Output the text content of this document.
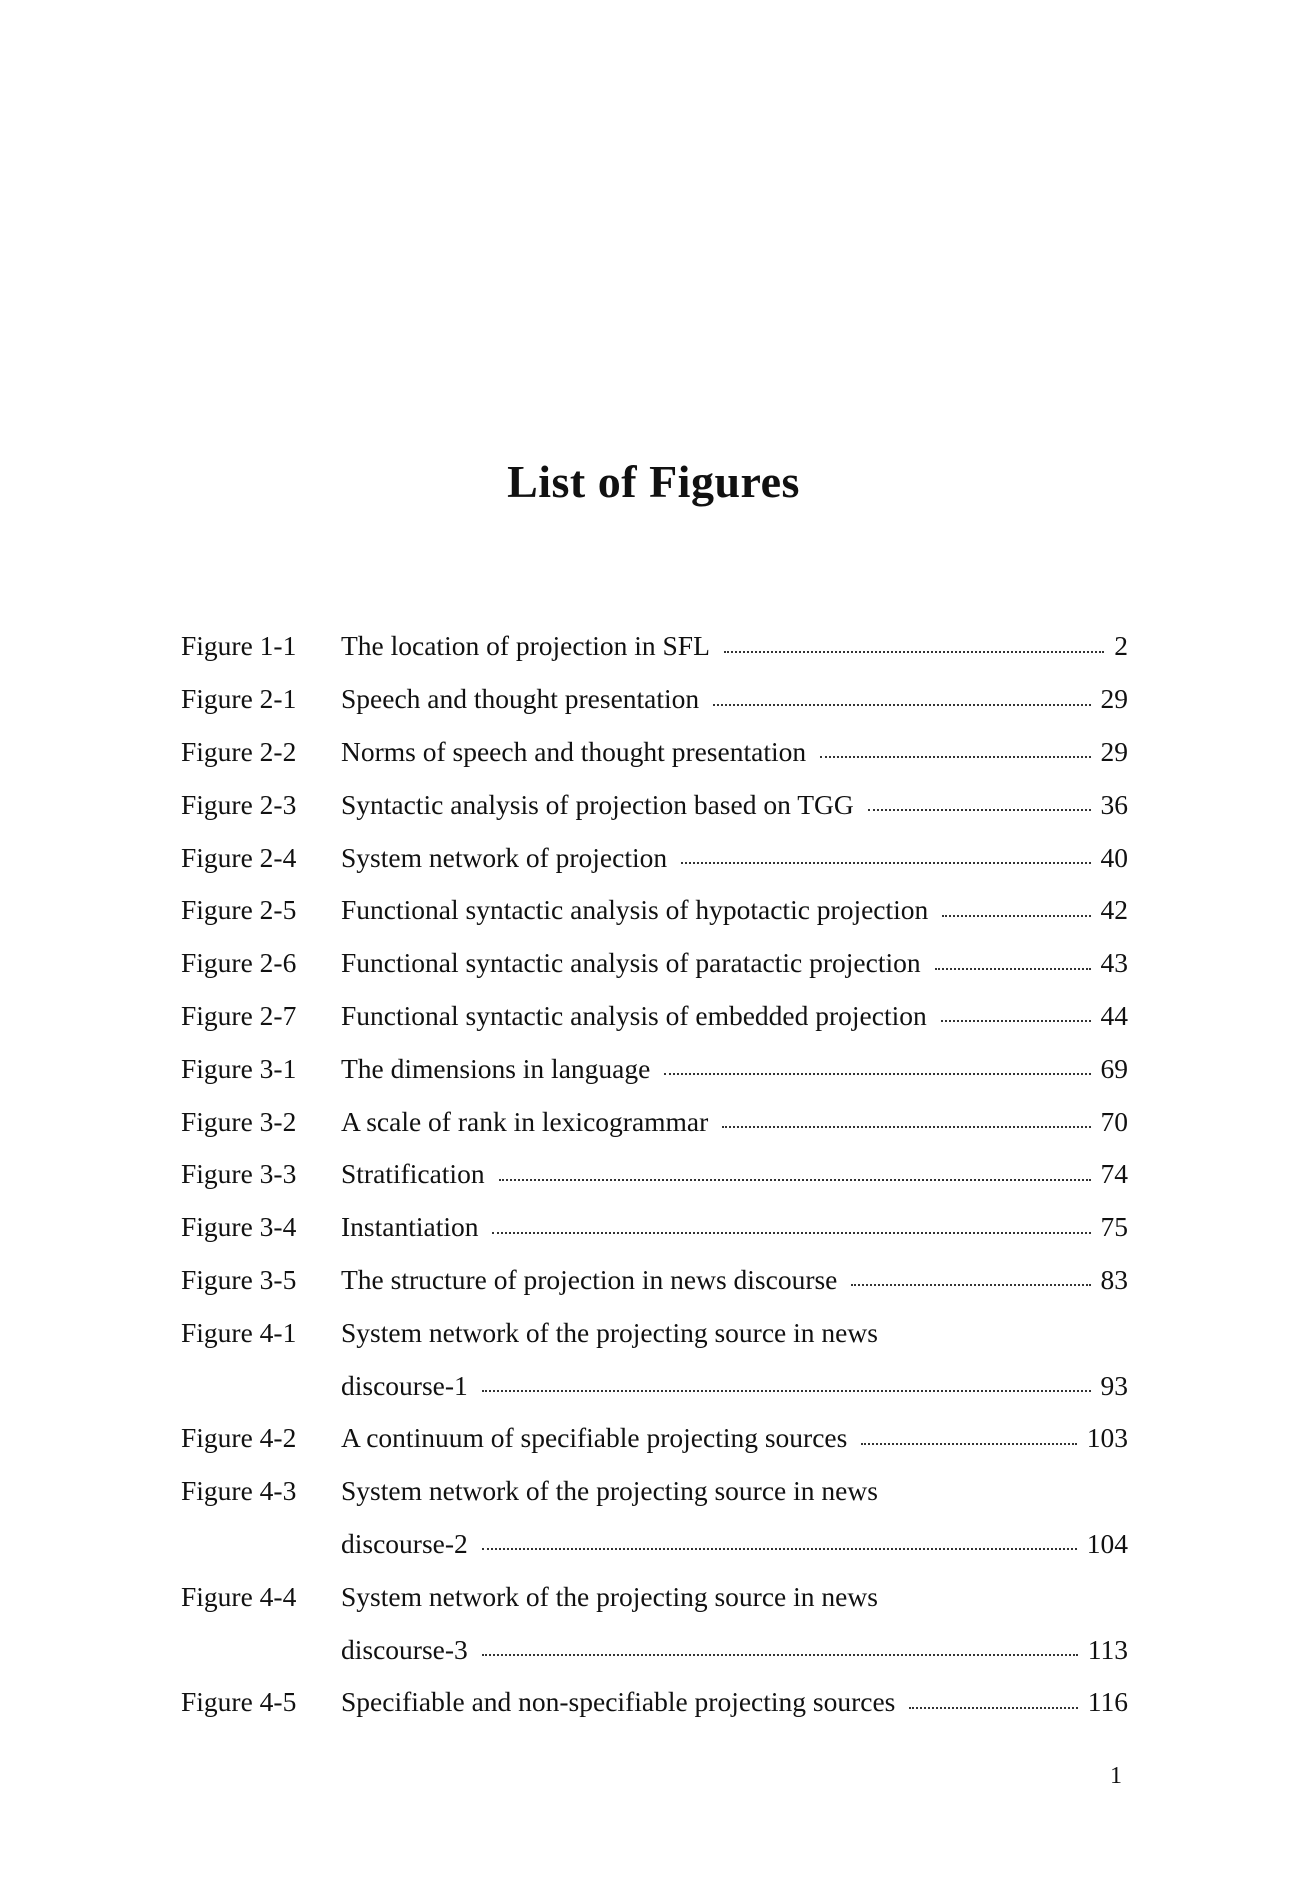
List of Figures
Figure 1-1	The location of projection in SFL	2
Figure 2-1	Speech and thought presentation	29
Figure 2-2	Norms of speech and thought presentation	29
Figure 2-3	Syntactic analysis of projection based on TGG	36
Figure 2-4	System network of projection	40
Figure 2-5	Functional syntactic analysis of hypotactic projection	42
Figure 2-6	Functional syntactic analysis of paratactic projection	43
Figure 2-7	Functional syntactic analysis of embedded projection	44
Figure 3-1	The dimensions in language	69
Figure 3-2	A scale of rank in lexicogrammar	70
Figure 3-3	Stratification	74
Figure 3-4	Instantiation	75
Figure 3-5	The structure of projection in news discourse	83
Figure 4-1	System network of the projecting source in news
discourse-1	93
Figure 4-2	A continuum of specifiable projecting sources	103
Figure 4-3	System network of the projecting source in news
discourse-2	104
Figure 4-4	System network of the projecting source in news
discourse-3	113
Figure 4-5	Specifiable and non-specifiable projecting sources	116
1
